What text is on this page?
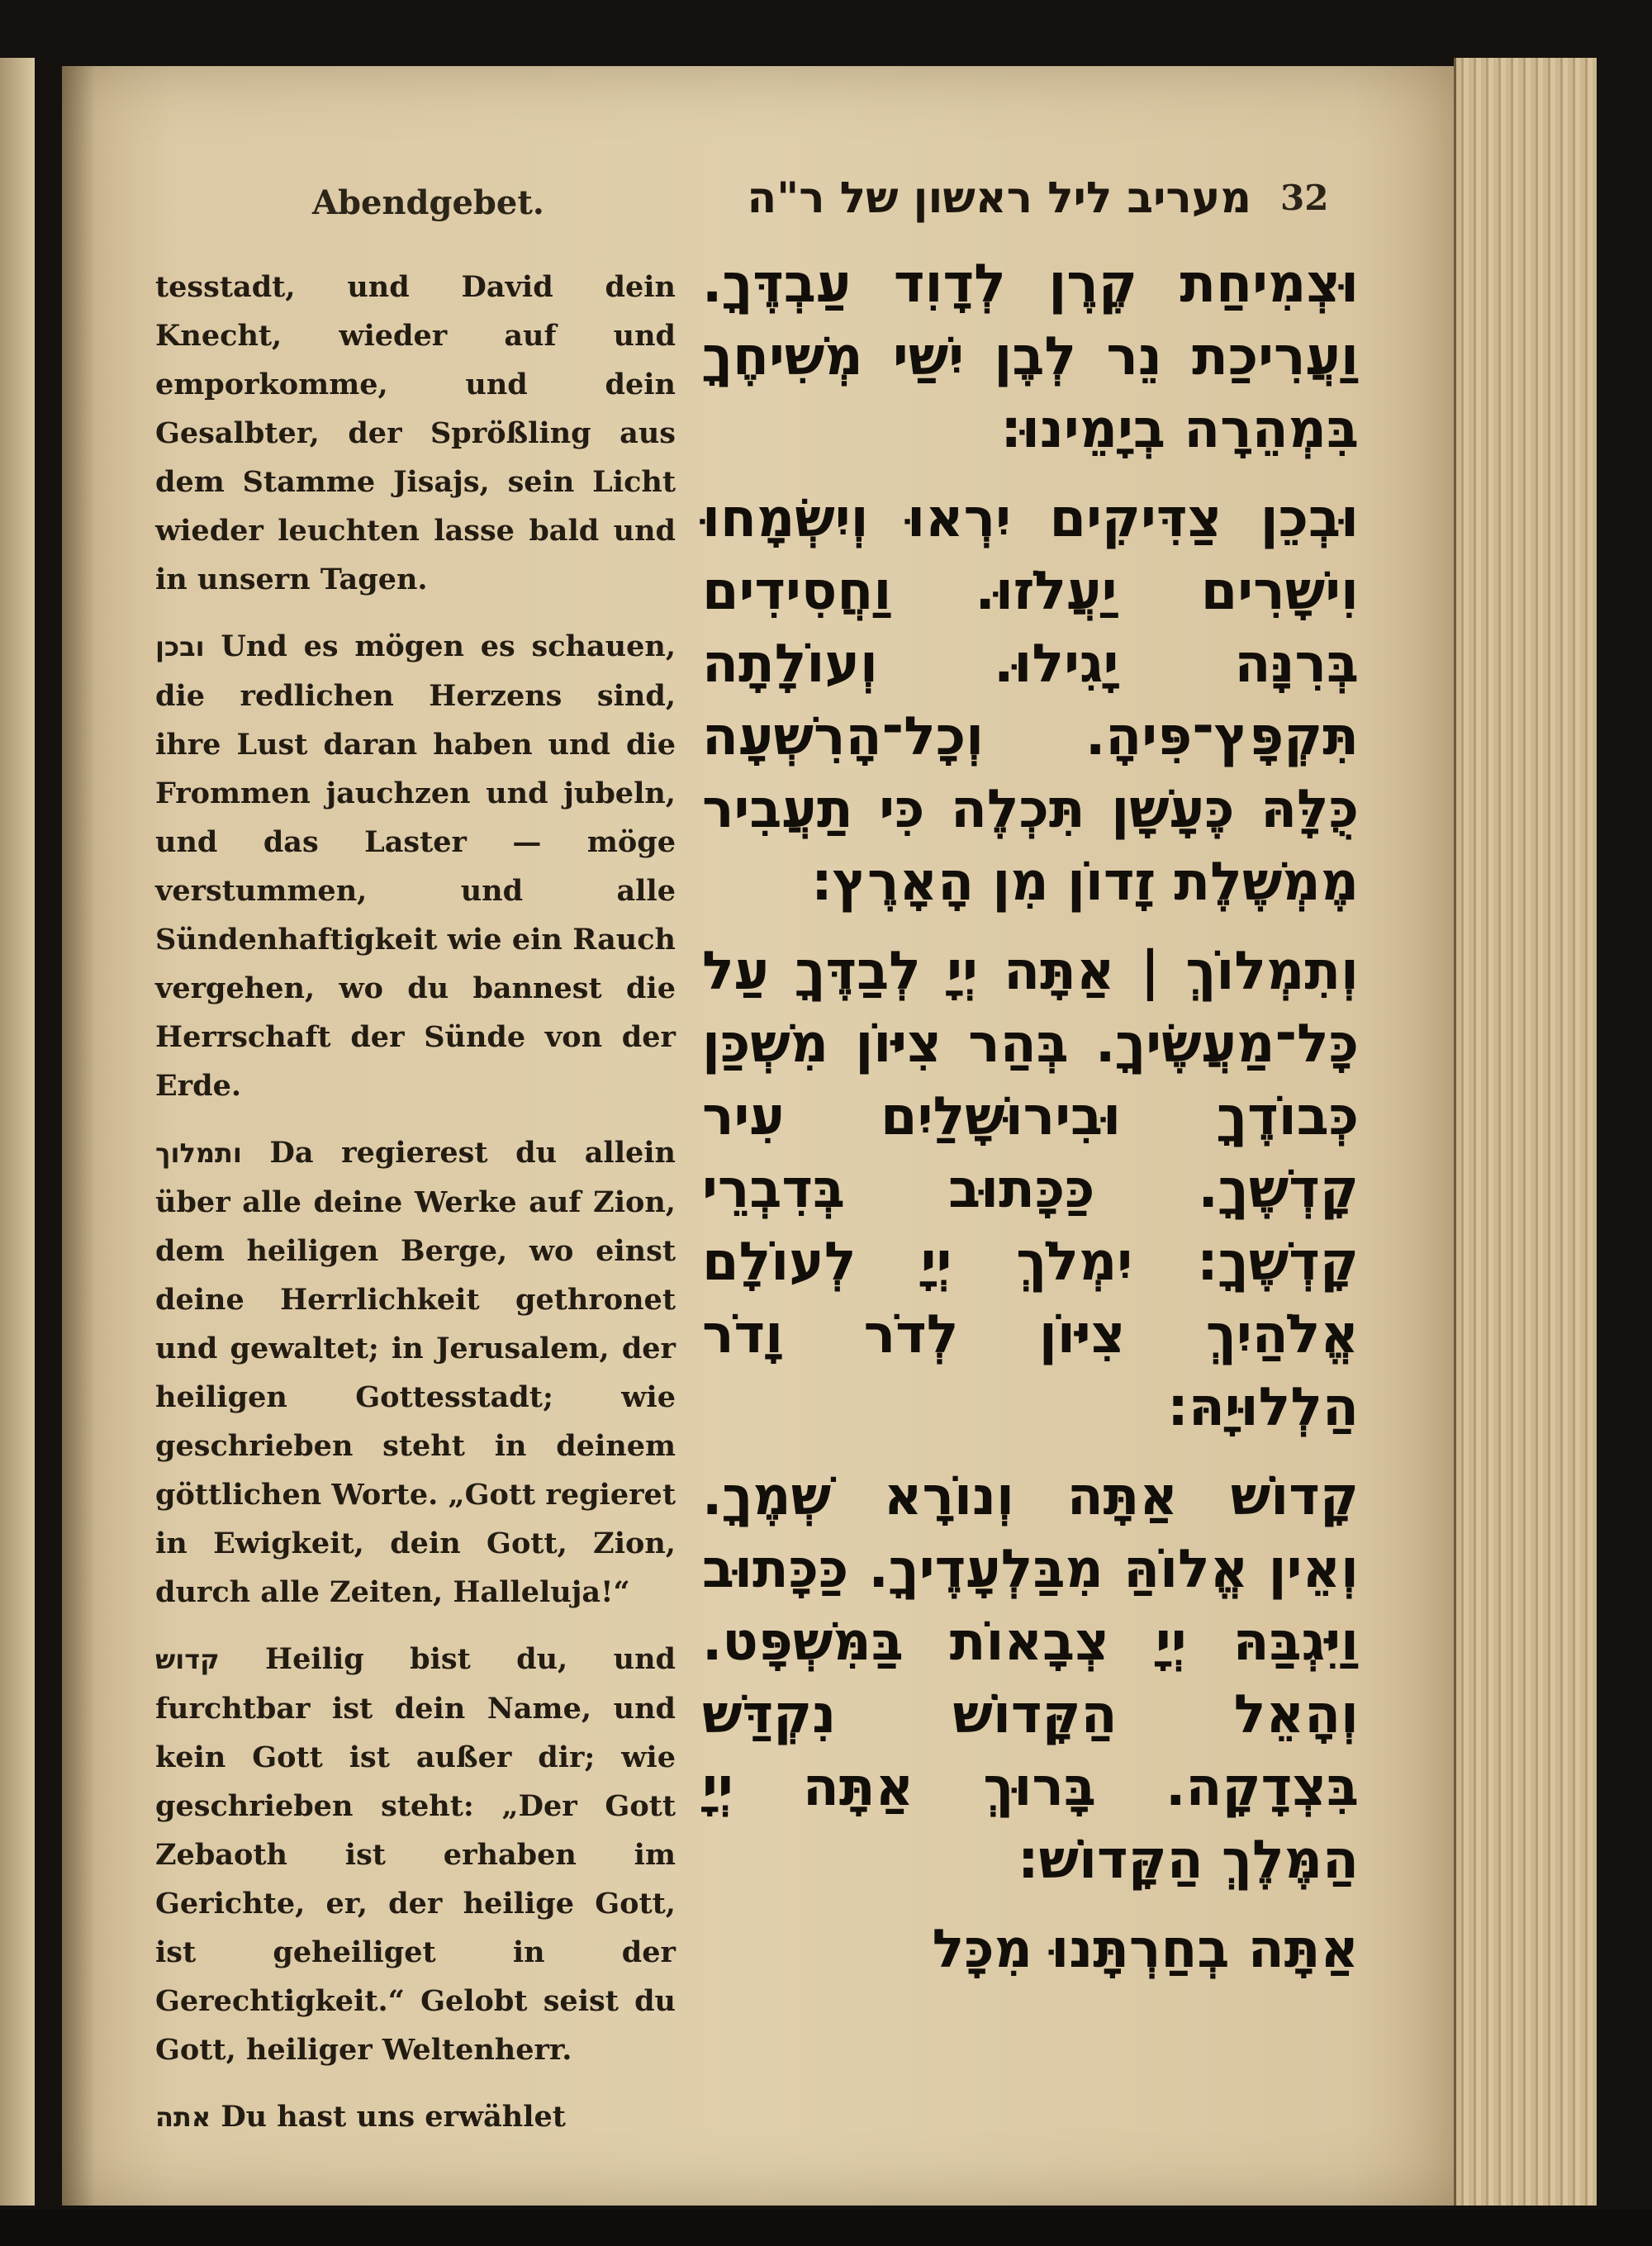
Abendgebet.	מעריב ליל ראשון של ר"ה 32

tesstadt, und David dein Knecht, wieder auf und emporkomme, und dein Gesalbter, der Sprößling aus dem Stamme Jisajs, sein Licht wieder leuchten lasse bald und in unsern Tagen.

ובכן Und es mögen es schauen, die redlichen Herzens sind, ihre Lust daran haben und die Frommen jauchzen und jubeln, und das Laster — möge verstummen, und alle Sündenhaftigkeit wie ein Rauch vergehen, wo du bannest die Herrschaft der Sünde von der Erde.

ותמלוך Da regierest du allein über alle deine Werke auf Zion, dem heiligen Berge, wo einst deine Herrlichkeit gethronet und gewaltet; in Jerusalem, der heiligen Gottesstadt; wie geschrieben steht in deinem göttlichen Worte. „Gott regieret in Ewigkeit, dein Gott, Zion, durch alle Zeiten, Halleluja!“

קדוש Heilig bist du, und furchtbar ist dein Name, und kein Gott ist außer dir; wie geschrieben steht: „Der Gott Zebaoth ist erhaben im Gerichte, er, der heilige Gott, ist geheiliget in der Gerechtigkeit.“ Gelobt seist du Gott, heiliger Weltenherr.

אתה Du hast uns erwählet

וּצְמִיחַת קֶרֶן לְדָוִד עַבְדֶּךָ. וַעֲרִיכַת נֵר לְבֶן יִשַׁי מְשִׁיחֶךָ בִּמְהֵרָה בְיָמֵינוּ:

וּבְכֵן צַדִּיקִים יִרְאוּ וְיִשְׂמָחוּ וִישָׁרִים יַעֲלֹזוּ. וַחֲסִידִים בְּרִנָּה יָגִילוּ. וְעוֹלָתָה תִּקְפָּץ־פִּיהָ. וְכָל־הָרִשְׁעָה כֻּלָּהּ כֶּעָשָׁן תִּכְלֶה כִּי תַעֲבִיר מֶמְשֶׁלֶת זָדוֹן מִן הָאָרֶץ:

וְתִמְלוֹךְ | אַתָּה יְיָ לְבַדֶּךָ עַל כָּל־מַעֲשֶׂיךָ. בְּהַר צִיּוֹן מִשְׁכַּן כְּבוֹדֶךָ וּבִירוּשָׁלַיִם עִיר קָדְשֶׁךָ. כַּכָּתוּב בְּדִבְרֵי קָדְשֶׁךָ: יִמְלֹךְ יְיָ לְעוֹלָם אֱלֹהַיִךְ צִיּוֹן לְדֹר וָדֹר הַלְלוּיָהּ:

קָדוֹשׁ אַתָּה וְנוֹרָא שְׁמֶךָ. וְאֵין אֱלוֹהַּ מִבַּלְעָדֶיךָ. כַּכָּתוּב וַיִּגְבַּהּ יְיָ צְבָאוֹת בַּמִּשְׁפָּט. וְהָאֵל הַקָּדוֹשׁ נִקְדַּשׁ בִּצְדָקָה. בָּרוּךְ אַתָּה יְיָ הַמֶּלֶךְ הַקָּדוֹשׁ:

אַתָּה בְחַרְתָּנוּ מִכָּל
